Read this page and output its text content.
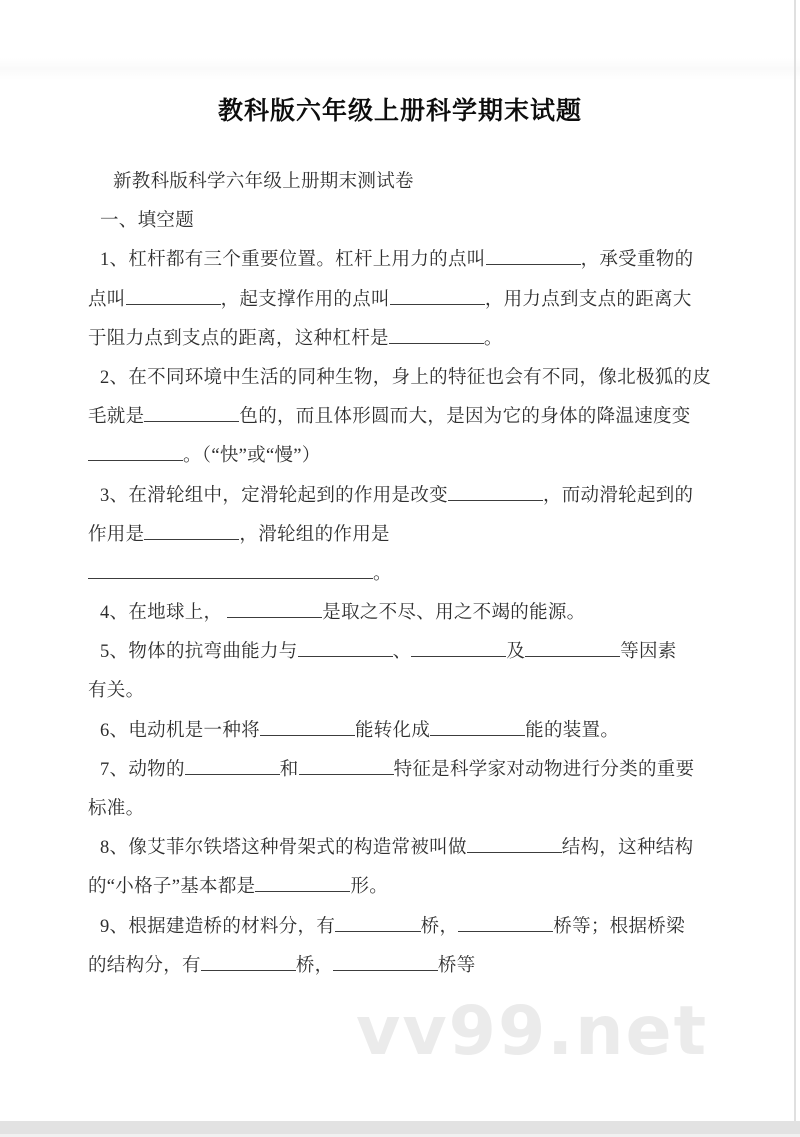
教科版六年级上册科学期末试题
新教科版科学六年级上册期末测试卷
一、填空题
1、杠杆都有三个重要位置。杠杆上用力的点叫	，承受重物的
点叫	，起支撑作用的点叫	，用力点到支点的距离大
于阻力点到支点的距离，这种杠杆是	。
2、在不同环境中生活的同种生物，身上的特征也会有不同，像北极狐的皮
毛就是	色的，而且体形圆而大，是因为它的身体的降温速度变
。（“快”或“慢”）
3、在滑轮组中，定滑轮起到的作用是改变	，而动滑轮起到的
作用是	，滑轮组的作用是
。
4、在地球上，	是取之不尽、用之不竭的能源。
5、物体的抗弯曲能力与	、	及	等因素
有关。
6、电动机是一种将	能转化成	能的装置。
7、动物的	和	特征是科学家对动物进行分类的重要
标准。
8、像艾菲尔铁塔这种骨架式的构造常被叫做	结构，这种结构
的“小格子”基本都是	形。
9、根据建造桥的材料分，有	桥，	桥等；根据桥梁
的结构分，有	桥，	桥等
vv99.net
